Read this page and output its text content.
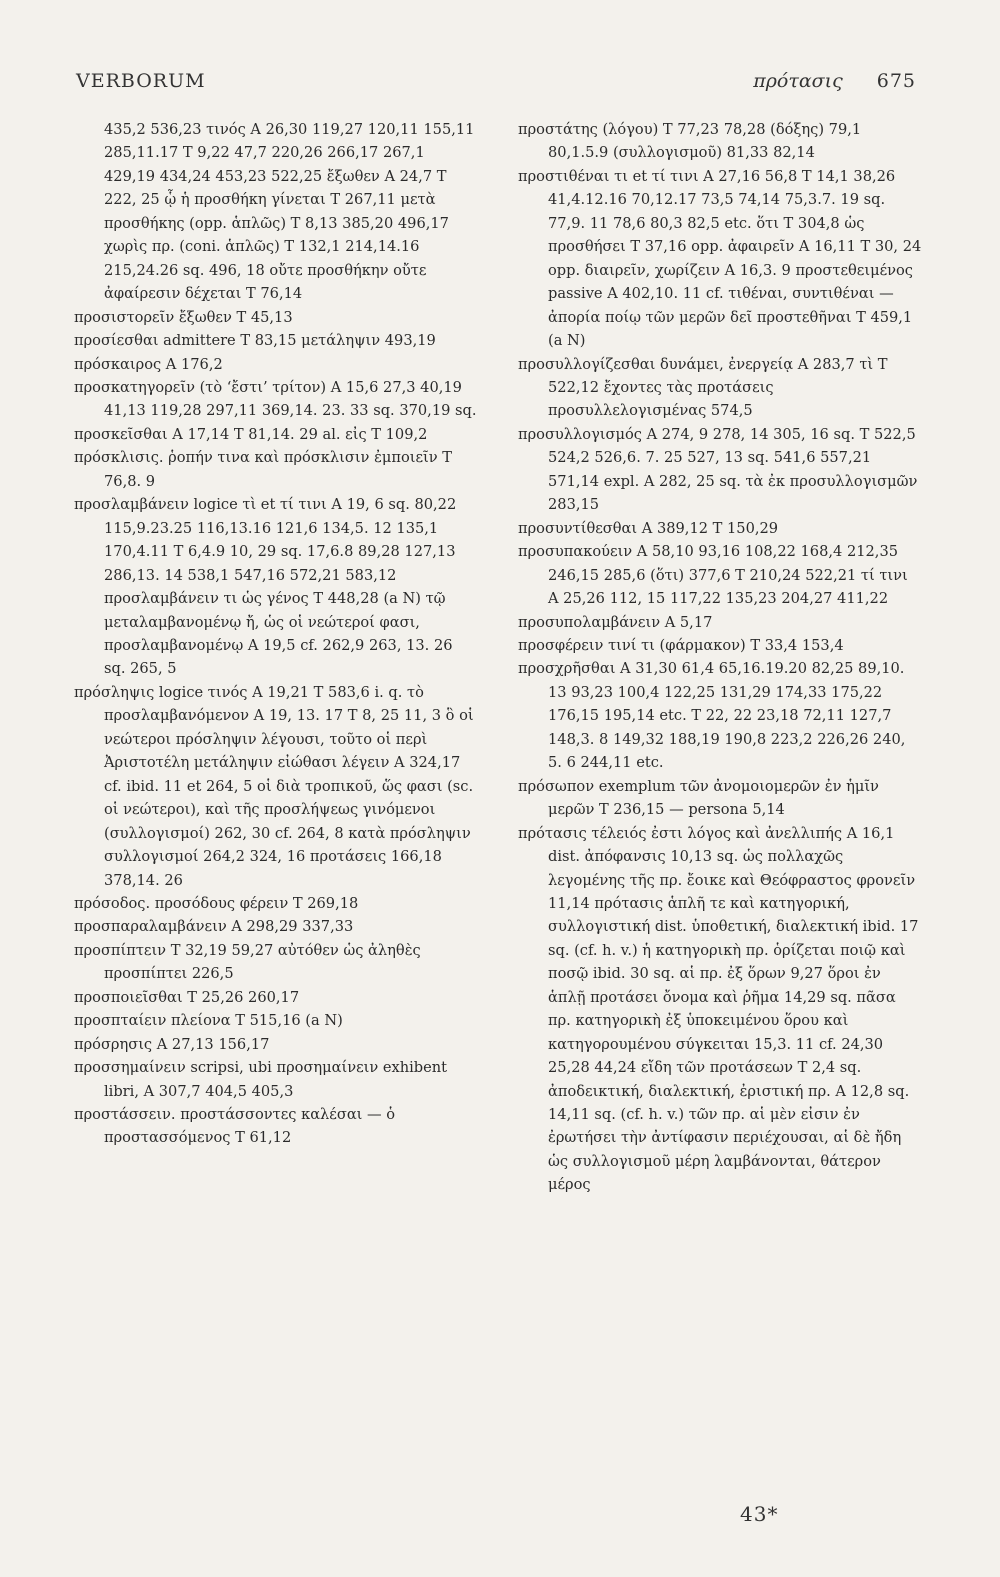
VERBORUM	πρότασις 675

435,2 536,23 τινός A 26,30 119,27 120,11 155,11 285,11.17 T 9,22 47,7 220,26 266,17 267,1 429,19 434,24 453,23 522,25 ἔξωθεν A 24,7 T 222, 25 ᾧ ἡ προσθήκη γίνεται T 267,11 μετὰ προσθήκης (opp. ἁπλῶς) T 8,13 385,20 496,17 χωρὶς πρ. (coni. ἁπλῶς) T 132,1 214,14.16 215,24.26 sq. 496, 18 οὔτε προσθήκην οὔτε ἀφαίρεσιν δέχεται T 76,14

προσιστορεῖν ἔξωθεν T 45,13

προσίεσθαι admittere T 83,15 μετάληψιν 493,19

πρόσκαιρος A 176,2

προσκατηγορεῖν (τὸ ‘ἔστι’ τρίτον) A 15,6 27,3 40,19 41,13 119,28 297,11 369,14. 23. 33 sq. 370,19 sq.

προσκεῖσθαι A 17,14 T 81,14. 29 al. εἰς T 109,2

πρόσκλισις. ῥοπήν τινα καὶ πρόσκλισιν ἐμποιεῖν T 76,8. 9

προσλαμβάνειν logice τὶ et τί τινι A 19, 6 sq. 80,22 115,9.23.25 116,13.16 121,6 134,5. 12 135,1 170,4.11 T 6,4.9 10, 29 sq. 17,6.8 89,28 127,13 286,13. 14 538,1 547,16 572,21 583,12 προσλαμβάνειν τι ὡς γένος T 448,28 (a N) τῷ μεταλαμβανομένῳ ἤ, ὡς οἱ νεώτεροί φασι, προσλαμβανομένῳ A 19,5 cf. 262,9 263, 13. 26 sq. 265, 5

πρόσληψις logice τινός A 19,21 T 583,6 i. q. τὸ προσλαμβανόμενον A 19, 13. 17 T 8, 25 11, 3 ὃ οἱ νεώτεροι πρόσληψιν λέγουσι, τοῦτο οἱ περὶ Ἀριστοτέλη μετάληψιν εἰώθασι λέγειν A 324,17 cf. ibid. 11 et 264, 5 οἱ διὰ τροπικοῦ, ὥς φασι (sc. οἱ νεώτεροι), καὶ τῆς προσλήψεως γινόμενοι (συλλογισμοί) 262, 30 cf. 264, 8 κατὰ πρόσληψιν συλλογισμοί 264,2 324, 16 προτάσεις 166,18 378,14. 26

πρόσοδος. προσόδους φέρειν T 269,18

προσπαραλαμβάνειν A 298,29 337,33

προσπίπτειν T 32,19 59,27 αὐτόθεν ὡς ἀληθὲς προσπίπτει 226,5

προσποιεῖσθαι T 25,26 260,17

προσπταίειν πλείονα T 515,16 (a N)

πρόσρησις A 27,13 156,17

προσσημαίνειν scripsi, ubi προσημαίνειν exhibent libri, A 307,7 404,5 405,3

προστάσσειν. προστάσσοντες καλέσαι — ὁ προστασσόμενος T 61,12

προστάτης (λόγου) T 77,23 78,28 (δόξης) 79,1 80,1.5.9 (συλλογισμοῦ) 81,33 82,14

προστιθέναι τι et τί τινι A 27,16 56,8 T 14,1 38,26 41,4.12.16 70,12.17 73,5 74,14 75,3.7. 19 sq. 77,9. 11 78,6 80,3 82,5 etc. ὅτι T 304,8 ὡς προσθήσει T 37,16 opp. ἀφαιρεῖν A 16,11 T 30, 24 opp. διαιρεῖν, χωρίζειν A 16,3. 9 προστεθειμένος passive A 402,10. 11 cf. τιθέναι, συντιθέναι — ἀπορία ποίῳ τῶν μερῶν δεῖ προστεθῆναι T 459,1 (a N)

προσυλλογίζεσθαι δυνάμει, ἐνεργείᾳ A 283,7 τὶ T 522,12 ἔχοντες τὰς προτάσεις προσυλλελογισμένας 574,5

προσυλλογισμός A 274, 9 278, 14 305, 16 sq. T 522,5 524,2 526,6. 7. 25 527, 13 sq. 541,6 557,21 571,14 expl. A 282, 25 sq. τὰ ἐκ προσυλλογισμῶν 283,15

προσυντίθεσθαι A 389,12 T 150,29

προσυπακούειν A 58,10 93,16 108,22 168,4 212,35 246,15 285,6 (ὅτι) 377,6 T 210,24 522,21 τί τινι A 25,26 112, 15 117,22 135,23 204,27 411,22

προσυπολαμβάνειν A 5,17

προσφέρειν τινί τι (φάρμακον) T 33,4 153,4

προσχρῆσθαι A 31,30 61,4 65,16.19.20 82,25 89,10. 13 93,23 100,4 122,25 131,29 174,33 175,22 176,15 195,14 etc. T 22, 22 23,18 72,11 127,7 148,3. 8 149,32 188,19 190,8 223,2 226,26 240, 5. 6 244,11 etc.

πρόσωπον exemplum τῶν ἀνομοιομερῶν ἐν ἡμῖν μερῶν T 236,15 — persona 5,14

πρότασις τέλειός ἐστι λόγος καὶ ἀνελλιπής A 16,1 dist. ἀπόφανσις 10,13 sq. ὡς πολλαχῶς λεγομένης τῆς πρ. ἔοικε καὶ Θεόφραστος φρονεῖν 11,14 πρότασις ἁπλῆ τε καὶ κατηγορική, συλλογιστική dist. ὑποθετική, διαλεκτική ibid. 17 sq. (cf. h. v.) ἡ κατηγορικὴ πρ. ὁρίζεται ποιῷ καὶ ποσῷ ibid. 30 sq. αἱ πρ. ἐξ ὅρων 9,27 ὅροι ἐν ἁπλῇ προτάσει ὄνομα καὶ ῥῆμα 14,29 sq. πᾶσα πρ. κατηγορικὴ ἐξ ὑποκειμένου ὅρου καὶ κατηγορουμένου σύγκειται 15,3. 11 cf. 24,30 25,28 44,24 εἴδη τῶν προτάσεων T 2,4 sq. ἀποδεικτική, διαλεκτική, ἐριστική πρ. A 12,8 sq. 14,11 sq. (cf. h. v.) τῶν πρ. αἱ μὲν εἰσιν ἐν ἐρωτήσει τὴν ἀντίφασιν περιέχουσαι, αἱ δὲ ἤδη ὡς συλλογισμοῦ μέρη λαμβάνονται, θάτερον μέρος

43*
